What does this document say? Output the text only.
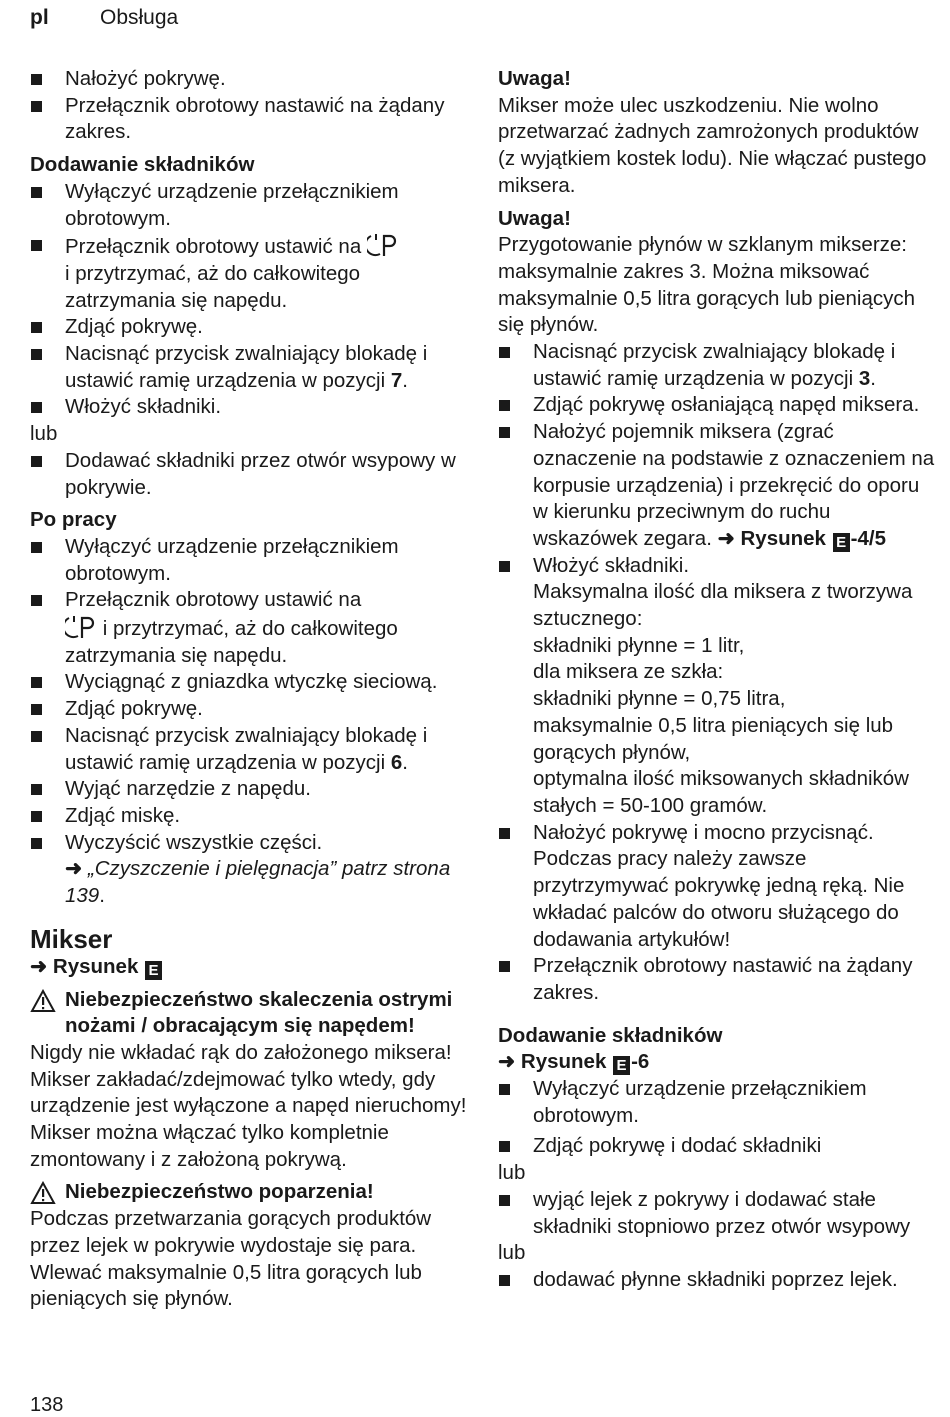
pl Obsługa
Nałożyć pokrywę.
Przełącznik obrotowy nastawić na żądany zakres.
Dodawanie składników
Wyłączyć urządzenie przełącznikiem obrotowym.
Przełącznik obrotowy ustawić na
i przytrzymać, aż do całkowitego zatrzymania się napędu.
Zdjąć pokrywę.
Nacisnąć przycisk zwalniający blokadę i ustawić ramię urządzenia w pozycji 7.
Włożyć składniki.
lub
Dodawać składniki przez otwór wsypowy w pokrywie.
Po pracy
Wyłączyć urządzenie przełącznikiem obrotowym.
Przełącznik obrotowy ustawić na
i przytrzymać, aż do całkowitego zatrzymania się napędu.
Wyciągnąć z gniazdka wtyczkę sieciową.
Zdjąć pokrywę.
Nacisnąć przycisk zwalniający blokadę i ustawić ramię urządzenia w pozycji 6.
Wyjąć narzędzie z napędu.
Zdjąć miskę.
Wyczyścić wszystkie części.
➜ „Czyszczenie i pielęgnacja” patrz strona 139.
Mikser
➜ Rysunek E
Niebezpieczeństwo skaleczenia ostrymi nożami / obracającym się napędem!
Nigdy nie wkładać rąk do założonego miksera! Mikser zakładać/zdejmować tylko wtedy, gdy urządzenie jest wyłączone a napęd nieruchomy! Mikser można włączać tylko kompletnie zmontowany i z założoną pokrywą.
Niebezpieczeństwo poparzenia!
Podczas przetwarzania gorących produktów przez lejek w pokrywie wydostaje się para. Wlewać maksymalnie 0,5 litra gorących lub pieniących się płynów.
Uwaga!
Mikser może ulec uszkodzeniu. Nie wolno przetwarzać żadnych zamrożonych produktów (z wyjątkiem kostek lodu). Nie włączać pustego miksera.
Uwaga!
Przygotowanie płynów w szklanym mikserze: maksymalnie zakres 3. Można miksować maksymalnie 0,5 litra gorących lub pieniących się płynów.
Nacisnąć przycisk zwalniający blokadę i ustawić ramię urządzenia w pozycji 3.
Zdjąć pokrywę osłaniającą napęd miksera.
Nałożyć pojemnik miksera (zgrać oznaczenie na podstawie z oznaczeniem na korpusie urządzenia) i przekręcić do oporu w kierunku przeciwnym do ruchu wskazówek zegara. ➜ Rysunek E -4/5
Włożyć składniki.
Maksymalna ilość dla miksera z tworzywa sztucznego:
składniki płynne = 1 litr,
dla miksera ze szkła:
składniki płynne = 0,75 litra,
maksymalnie 0,5 litra pieniących się lub gorących płynów,
optymalna ilość miksowanych składników stałych = 50-100 gramów.
Nałożyć pokrywę i mocno przycisnąć. Podczas pracy należy zawsze przytrzymywać pokrywkę jedną ręką. Nie wkładać palców do otworu służącego do dodawania artykułów!
Przełącznik obrotowy nastawić na żądany zakres.
Dodawanie składników
➜ Rysunek E -6
Wyłączyć urządzenie przełącznikiem obrotowym.
Zdjąć pokrywę i dodać składniki
lub
wyjąć lejek z pokrywy i dodawać stałe składniki stopniowo przez otwór wsypowy
lub
dodawać płynne składniki poprzez lejek.
138
